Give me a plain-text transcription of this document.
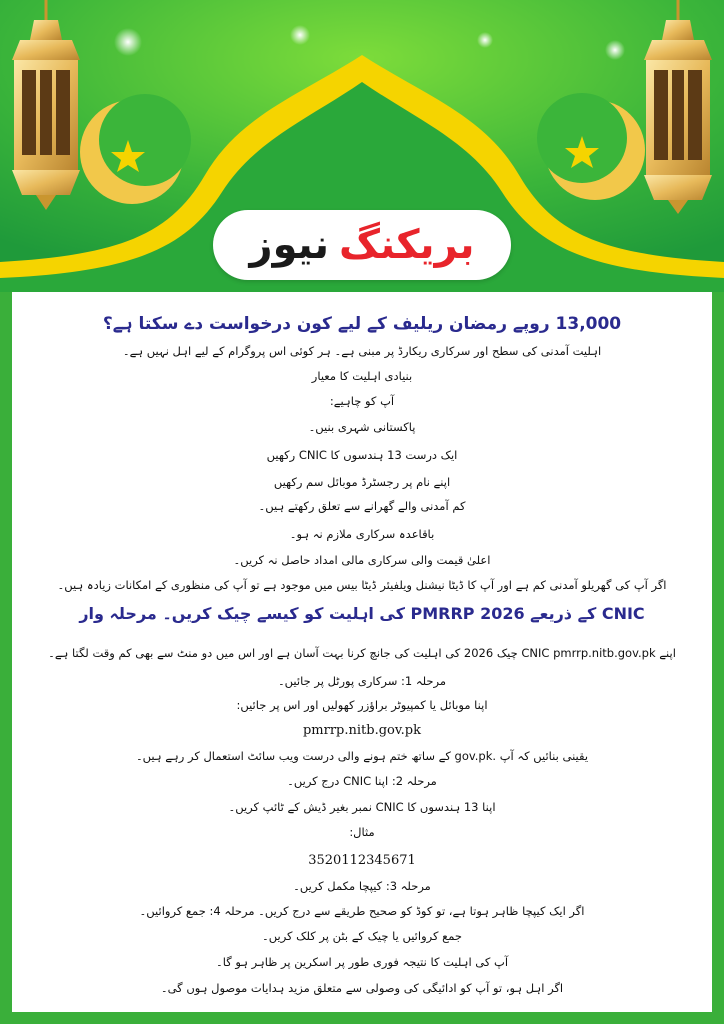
بریکنگ
نیوز
13,000 روپے رمضان ریلیف کے لیے کون درخواست دے سکتا ہے؟
اہلیت آمدنی کی سطح اور سرکاری ریکارڈ پر مبنی ہے۔ ہر کوئی اس پروگرام کے لیے اہل نہیں ہے۔
بنیادی اہلیت کا معیار
آپ کو چاہیے:
پاکستانی شہری بنیں۔
ایک درست 13 ہندسوں کا CNIC رکھیں
اپنے نام پر رجسٹرڈ موبائل سم رکھیں
کم آمدنی والے گھرانے سے تعلق رکھتے ہیں۔
باقاعدہ سرکاری ملازم نہ ہو۔
اعلیٰ قیمت والی سرکاری مالی امداد حاصل نہ کریں۔
اگر آپ کی گھریلو آمدنی کم ہے اور آپ کا ڈیٹا نیشنل ویلفیئر ڈیٹا بیس میں موجود ہے تو آپ کی منظوری کے امکانات زیادہ ہیں۔
CNIC کے ذریعے PMRRP 2026 کی اہلیت کو کیسے چیک کریں۔ مرحلہ وار
اپنے CNIC pmrrp.nitb.gov.pk چیک 2026 کی اہلیت کی جانچ کرنا بہت آسان ہے اور اس میں دو منٹ سے بھی کم وقت لگتا ہے۔
مرحلہ 1: سرکاری پورٹل پر جائیں۔
اپنا موبائل یا کمپیوٹر براؤزر کھولیں اور اس پر جائیں:
pmrrp.nitb.gov.pk
یقینی بنائیں کہ آپ .gov.pk کے ساتھ ختم ہونے والی درست ویب سائٹ استعمال کر رہے ہیں۔
مرحلہ 2: اپنا CNIC درج کریں۔
اپنا 13 ہندسوں کا CNIC نمبر بغیر ڈیش کے ٹائپ کریں۔
مثال:
3520112345671
مرحلہ 3: کیپچا مکمل کریں۔
اگر ایک کیپچا ظاہر ہوتا ہے، تو کوڈ کو صحیح طریقے سے درج کریں۔ مرحلہ 4: جمع کروائیں۔
جمع کروائیں یا چیک کے بٹن پر کلک کریں۔
آپ کی اہلیت کا نتیجہ فوری طور پر اسکرین پر ظاہر ہو گا۔
اگر اہل ہو، تو آپ کو ادائیگی کی وصولی سے متعلق مزید ہدایات موصول ہوں گی۔
